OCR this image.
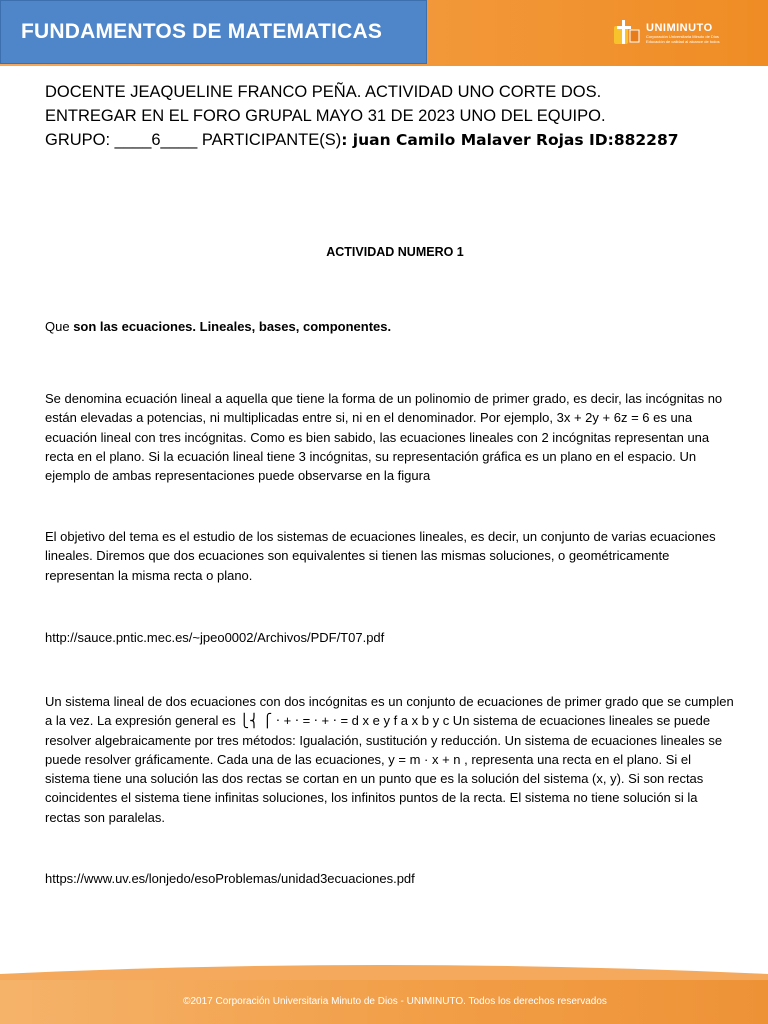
FUNDAMENTOS DE MATEMATICAS	UNIMINUTO
Corporación Universitaria Minuto de Dios
Educación de calidad al alcance de todos
DOCENTE JEAQUELINE FRANCO PEÑA. ACTIVIDAD UNO CORTE DOS.
ENTREGAR EN EL FORO GRUPAL MAYO 31 DE 2023 UNO DEL EQUIPO.
GRUPO: ____6____ PARTICIPANTE(S): juan Camilo Malaver Rojas ID:882287
ACTIVIDAD NUMERO 1
Que son las ecuaciones. Lineales, bases, componentes.
Se denomina ecuación lineal a aquella que tiene la forma de un polinomio de primer grado, es decir, las incógnitas no están elevadas a potencias, ni multiplicadas entre si, ni en el denominador. Por ejemplo, 3x + 2y + 6z = 6 es una ecuación lineal con tres incógnitas. Como es bien sabido, las ecuaciones lineales con 2 incógnitas representan una recta en el plano. Si la ecuación lineal tiene 3 incógnitas, su representación gráfica es un plano en el espacio. Un ejemplo de ambas representaciones puede observarse en la figura
El objetivo del tema es el estudio de los sistemas de ecuaciones lineales, es decir, un conjunto de varias ecuaciones lineales. Diremos que dos ecuaciones son equivalentes si tienen las mismas soluciones, o geométricamente representan la misma recta o plano.
http://sauce.pntic.mec.es/~jpeo0002/Archivos/PDF/T07.pdf
Un sistema lineal de dos ecuaciones con dos incógnitas es un conjunto de ecuaciones de primer grado que se cumplen a la vez. La expresión general es ⎩⎨ ⎧ ⋅ + ⋅ = ⋅ + ⋅ = d x e y f a x b y c Un sistema de ecuaciones lineales se puede resolver algebraicamente por tres métodos: Igualación, sustitución y reducción. Un sistema de ecuaciones lineales se puede resolver gráficamente. Cada una de las ecuaciones, y = m · x + n , representa una recta en el plano. Si el sistema tiene una solución las dos rectas se cortan en un punto que es la solución del sistema (x, y). Si son rectas coincidentes el sistema tiene infinitas soluciones, los infinitos puntos de la recta. El sistema no tiene solución si la rectas son paralelas.
https://www.uv.es/lonjedo/esoProblemas/unidad3ecuaciones.pdf
©2017 Corporación Universitaria Minuto de Dios - UNIMINUTO. Todos los derechos reservados
